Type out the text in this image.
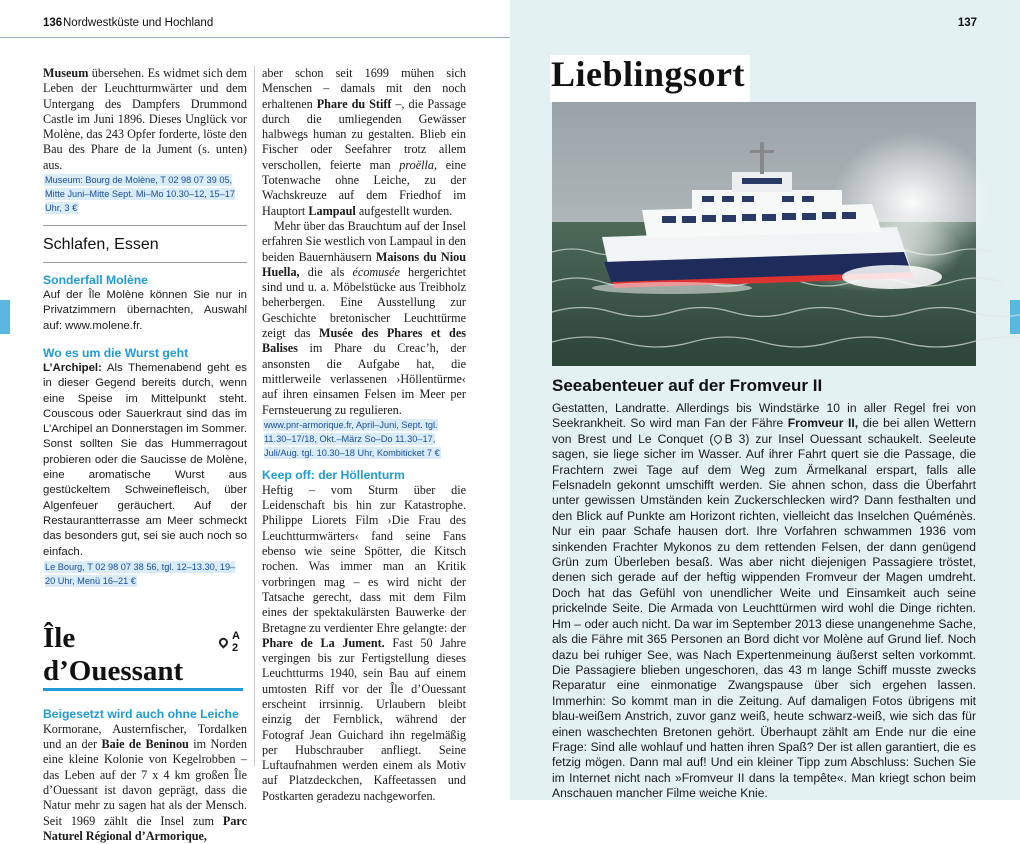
136 Nordwestküste und Hochland

Museum übersehen. Es widmet sich dem Leben der Leuchtturmwärter und dem Untergang des Dampfers Drummond Castle im Juni 1896. Dieses Unglück vor Molène, das 243 Opfer forderte, löste den Bau des Phare de la Jument (s. unten) aus.

Museum: Bourg de Molène, T 02 98 07 39 05, Mitte Juni–Mitte Sept. Mi–Mo 10.30–12, 15–17 Uhr, 3 €
Schlafen, Essen
Sonderfall Molène

Auf der Île Molène können Sie nur in Privatzimmern übernachten, Auswahl auf: www.molene.fr.

Wo es um die Wurst geht

L’Archipel: Als Themenabend geht es in dieser Gegend bereits durch, wenn eine Speise im Mittelpunkt steht. Couscous oder Sauerkraut sind das im L’Archipel an Donnerstagen im Sommer. Sonst sollten Sie das Hummerragout probieren oder die Saucisse de Molène, eine aromatische Wurst aus gestückeltem Schweinefleisch, über Algenfeuer geräuchert. Auf der Restaurantterrasse am Meer schmeckt das besonders gut, sei sie auch noch so einfach.

Le Bourg, T 02 98 07 38 56, tgl. 12–13.30, 19–20 Uhr, Menü 16–21 €
Île d’Ouessant
A 2
Beigesetzt wird auch ohne Leiche

Kormorane, Austernfischer, Tordalken und an der Baie de Beninou im Norden eine kleine Kolonie von Kegelrobben – das Leben auf der 7 x 4 km großen Île d’Ouessant ist davon geprägt, dass die Natur mehr zu sagen hat als der Mensch. Seit 1969 zählt die Insel zum Parc Naturel Régional d’Armorique,

aber schon seit 1699 mühen sich Menschen – damals mit den noch erhaltenen Phare du Stiff –, die Passage durch die umliegenden Gewässer halbwegs human zu gestalten. Blieb ein Fischer oder Seefahrer trotz allem verschollen, feierte man proëlla, eine Totenwache ohne Leiche, zu der Wachskreuze auf dem Friedhof im Hauptort Lampaul aufgestellt wurden.

Mehr über das Brauchtum auf der Insel erfahren Sie westlich von Lampaul in den beiden Bauernhäusern Maisons du Niou Huella, die als écomusée hergerichtet sind und u. a. Möbelstücke aus Treibholz beherbergen. Eine Ausstellung zur Geschichte bretonischer Leuchttürme zeigt das Musée des Phares et des Balises im Phare du Creac’h, der ansonsten die Aufgabe hat, die mittlerweile verlassenen ›Höllentürme‹ auf ihren einsamen Felsen im Meer per Fernsteuerung zu regulieren.

www.pnr-armorique.fr, April–Juni, Sept. tgl. 11.30–17/18, Okt.–März So–Do 11.30–17, Juli/Aug. tgl. 10.30–18 Uhr, Kombiticket 7 €
Keep off: der Höllenturm

Heftig – vom Sturm über die Leidenschaft bis hin zur Katastrophe. Philippe Liorets Film ›Die Frau des Leuchtturmwärters‹ fand seine Fans ebenso wie seine Spötter, die Kitsch rochen. Was immer man an Kritik vorbringen mag – es wird nicht der Tatsache gerecht, dass mit dem Film eines der spektakulärsten Bauwerke der Bretagne zu verdienter Ehre gelangte: der Phare de La Jument. Fast 50 Jahre vergingen bis zur Fertigstellung dieses Leuchtturms 1940, sein Bau auf einem umtosten Riff vor der Île d’Ouessant erscheint irrsinnig. Urlaubern bleibt einzig der Fernblick, während der Fotograf Jean Guichard ihn regelmäßig per Hubschrauber anfliegt. Seine Luftaufnahmen werden einem als Motiv auf Platzdeckchen, Kaffeetassen und Postkarten geradezu nachgeworfen.

137
Lieblingsort
Seeabenteuer auf der Fromveur II

Gestatten, Landratte. Allerdings bis Windstärke 10 in aller Regel frei von Seekrankheit. So wird man Fan der Fähre Fromveur II, die bei allen Wettern von Brest und Le Conquet ( B 3) zur Insel Ouessant schaukelt. Seeleute sagen, sie liege sicher im Wasser. Auf ihrer Fahrt quert sie die Passage, die Frachtern zwei Tage auf dem Weg zum Ärmelkanal erspart, falls alle Felsnadeln gekonnt umschifft werden. Sie ahnen schon, dass die Überfahrt unter gewissen Umständen kein Zuckerschlecken wird? Dann festhalten und den Blick auf Punkte am Horizont richten, vielleicht das Inselchen Quéménès. Nur ein paar Schafe hausen dort. Ihre Vorfahren schwammen 1936 vom sinkenden Frachter Mykonos zu dem rettenden Felsen, der dann genügend Grün zum Überleben besaß. Was aber nicht diejenigen Passagiere tröstet, denen sich gerade auf der heftig wippenden Fromveur der Magen umdreht. Doch hat das Gefühl von unendlicher Weite und Einsamkeit auch seine prickelnde Seite. Die Armada von Leuchttürmen wird wohl die Dinge richten. Hm – oder auch nicht. Da war im September 2013 diese unangenehme Sache, als die Fähre mit 365 Personen an Bord dicht vor Molène auf Grund lief. Noch dazu bei ruhiger See, was Nach Expertenmeinung äußerst selten vorkommt. Die Passagiere blieben ungeschoren, das 43 m lange Schiff musste zwecks Reparatur eine einmonatige Zwangspause über sich ergehen lassen. Immerhin: So kommt man in die Zeitung. Auf damaligen Fotos übrigens mit blau-weißem Anstrich, zuvor ganz weiß, heute schwarz-weiß, wie sich das für einen waschechten Bretonen gehört. Überhaupt zählt am Ende nur die eine Frage: Sind alle wohlauf und hatten ihren Spaß? Der ist allen garantiert, die es fetzig mögen. Dann mal auf! Und ein kleiner Tipp zum Abschluss: Suchen Sie im Internet nicht nach »Fromveur II dans la tempête«. Man kriegt schon beim Anschauen mancher Filme weiche Knie.
